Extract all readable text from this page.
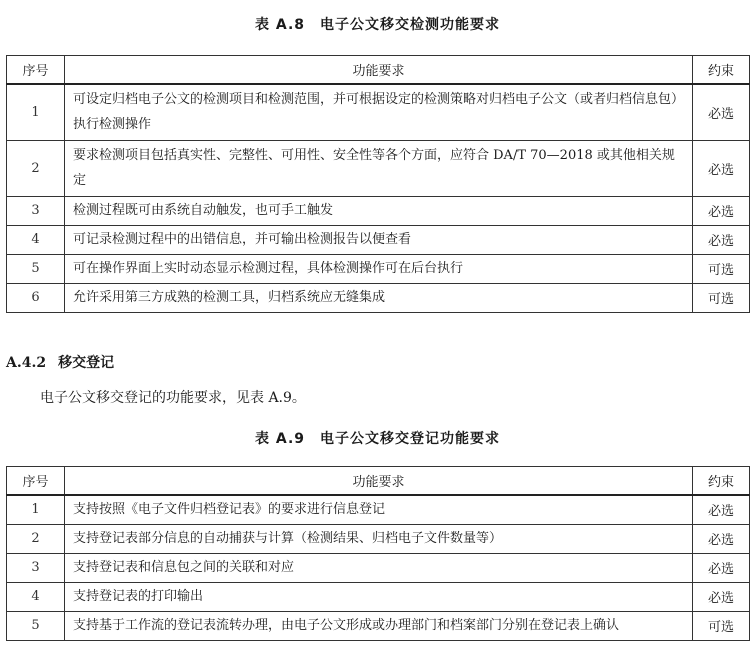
表 A.8　电子公文移交检测功能要求
序号	功能要求	约束
1	可设定归档电子公文的检测项目和检测范围，并可根据设定的检测策略对归档电子公文（或者归档信息包）执行检测操作	必选
2	要求检测项目包括真实性、完整性、可用性、安全性等各个方面，应符合 DA/T 70—2018 或其他相关规定	必选
3	检测过程既可由系统自动触发，也可手工触发	必选
4	可记录检测过程中的出错信息，并可输出检测报告以便查看	必选
5	可在操作界面上实时动态显示检测过程，具体检测操作可在后台执行	可选
6	允许采用第三方成熟的检测工具，归档系统应无缝集成	可选
A.4.2 移交登记
电子公文移交登记的功能要求，见表 A.9。
表 A.9　电子公文移交登记功能要求
序号	功能要求	约束
1	支持按照《电子文件归档登记表》的要求进行信息登记	必选
2	支持登记表部分信息的自动捕获与计算（检测结果、归档电子文件数量等）	必选
3	支持登记表和信息包之间的关联和对应	必选
4	支持登记表的打印输出	必选
5	支持基于工作流的登记表流转办理，由电子公文形成或办理部门和档案部门分别在登记表上确认	可选
